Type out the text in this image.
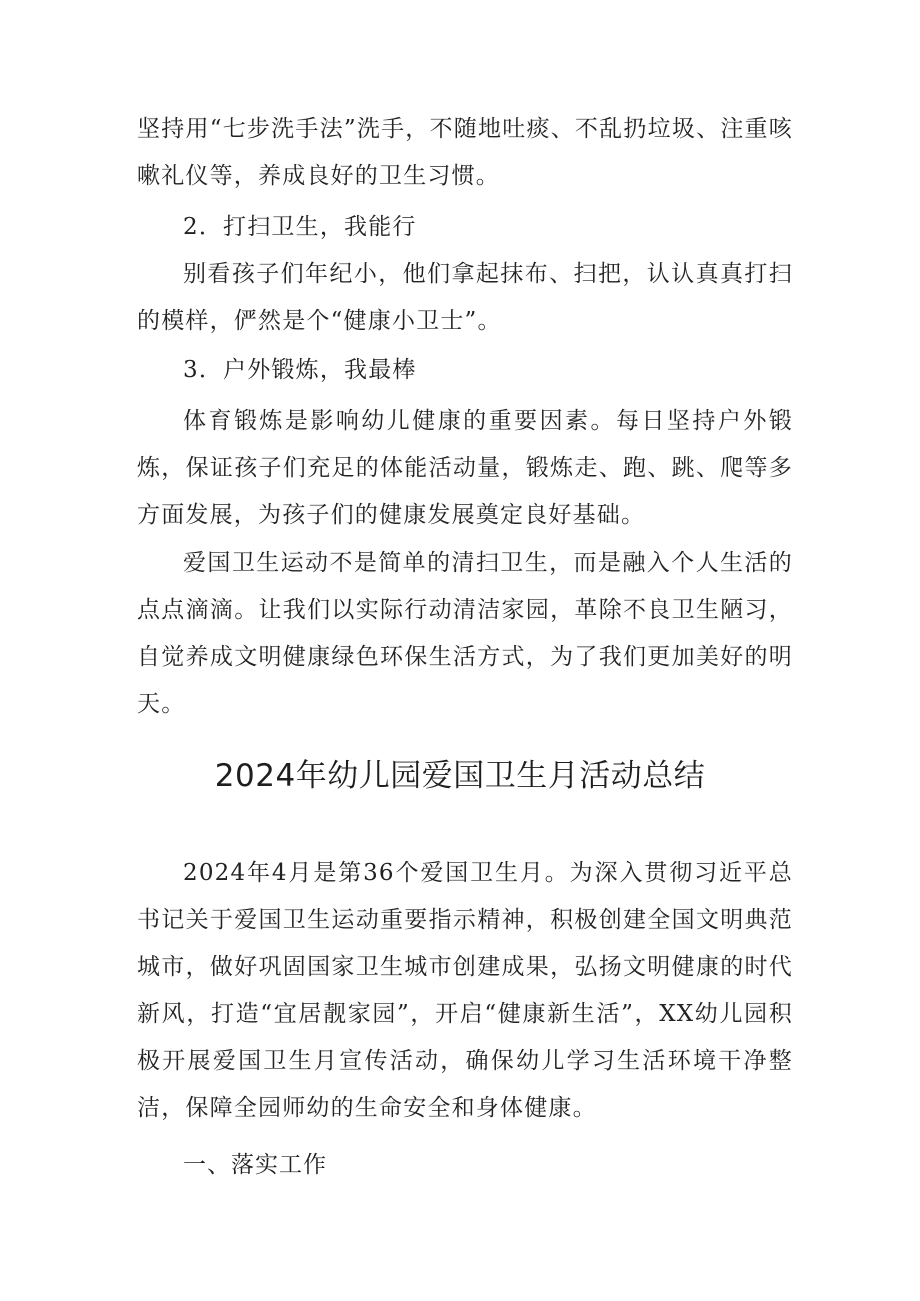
坚持用“七步洗手法”洗手，不随地吐痰、不乱扔垃圾、注重咳嗽礼仪等，养成良好的卫生习惯。

2．打扫卫生，我能行

别看孩子们年纪小，他们拿起抹布、扫把，认认真真打扫的模样，俨然是个“健康小卫士”。

3．户外锻炼，我最棒

体育锻炼是影响幼儿健康的重要因素。每日坚持户外锻炼，保证孩子们充足的体能活动量，锻炼走、跑、跳、爬等多方面发展，为孩子们的健康发展奠定良好基础。

爱国卫生运动不是简单的清扫卫生，而是融入个人生活的点点滴滴。让我们以实际行动清洁家园，革除不良卫生陋习，自觉养成文明健康绿色环保生活方式，为了我们更加美好的明天。

2024年幼儿园爱国卫生月活动总结

2024年4月是第36个爱国卫生月。为深入贯彻习近平总书记关于爱国卫生运动重要指示精神，积极创建全国文明典范城市，做好巩固国家卫生城市创建成果，弘扬文明健康的时代新风，打造“宜居靓家园”，开启“健康新生活”，XX幼儿园积极开展爱国卫生月宣传活动，确保幼儿学习生活环境干净整洁，保障全园师幼的生命安全和身体健康。

一、落实工作
